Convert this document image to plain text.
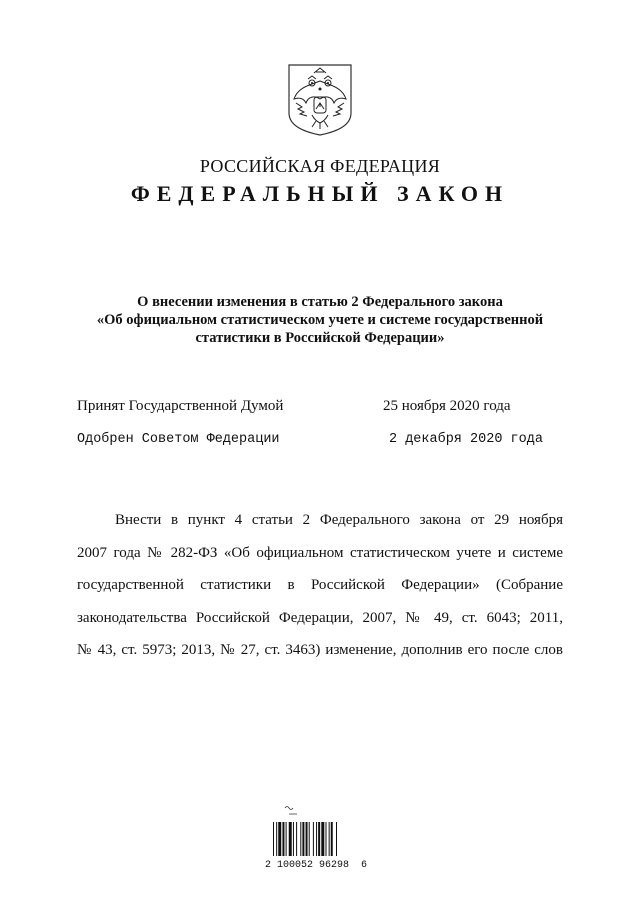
РОССИЙСКАЯ ФЕДЕРАЦИЯ
ФЕДЕРАЛЬНЫЙ ЗАКОН
О внесении изменения в статью 2 Федерального закона
«Об официальном статистическом учете и системе государственной
статистики в Российской Федерации»
Принят Государственной Думой	25 ноября 2020 года
Одобрен Советом Федерации	2 декабря 2020 года
Внести в пункт 4 статьи 2 Федерального закона от 29 ноября
2007 года № 282-ФЗ «Об официальном статистическом учете и системе
государственной статистики в Российской Федерации» (Собрание
законодательства Российской Федерации, 2007, № 49, ст. 6043; 2011,
№ 43, ст. 5973; 2013, № 27, ст. 3463) изменение, дополнив его после слов
2 100052 96298  6
